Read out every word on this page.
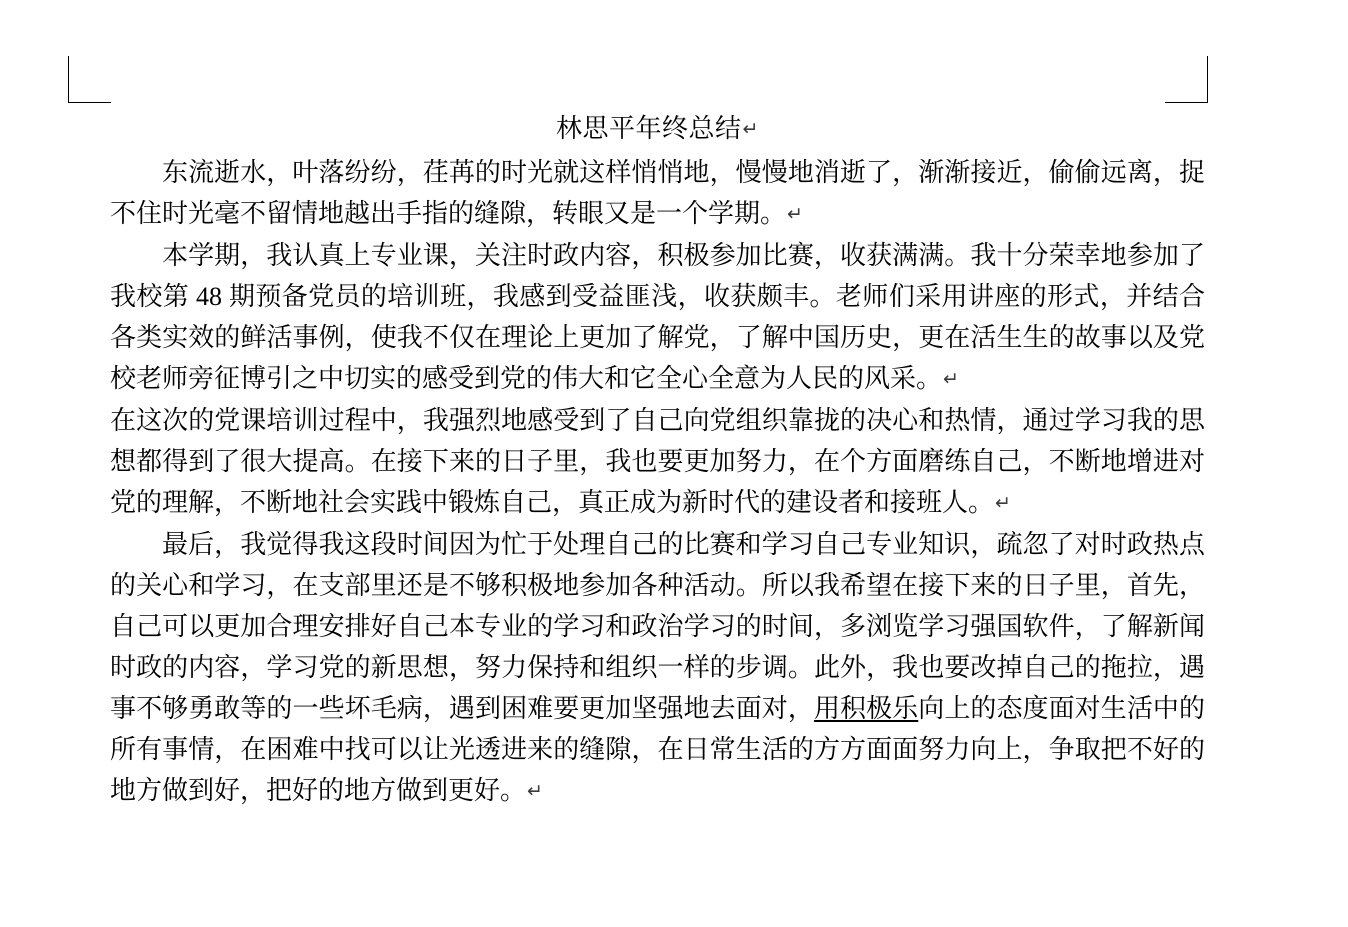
林思平年终总结↵

东流逝水，叶落纷纷，荏苒的时光就这样悄悄地，慢慢地消逝了，渐渐接近，偷偷远离，捉不住时光毫不留情地越出手指的缝隙，转眼又是一个学期。↵

本学期，我认真上专业课，关注时政内容，积极参加比赛，收获满满。我十分荣幸地参加了我校第 48 期预备党员的培训班，我感到受益匪浅，收获颇丰。老师们采用讲座的形式，并结合各类实效的鲜活事例，使我不仅在理论上更加了解党，了解中国历史，更在活生生的故事以及党校老师旁征博引之中切实的感受到党的伟大和它全心全意为人民的风采。↵

在这次的党课培训过程中，我强烈地感受到了自己向党组织靠拢的决心和热情，通过学习我的思想都得到了很大提高。在接下来的日子里，我也要更加努力，在个方面磨练自己，不断地增进对党的理解，不断地社会实践中锻炼自己，真正成为新时代的建设者和接班人。↵

最后，我觉得我这段时间因为忙于处理自己的比赛和学习自己专业知识，疏忽了对时政热点的关心和学习，在支部里还是不够积极地参加各种活动。所以我希望在接下来的日子里，首先，自己可以更加合理安排好自己本专业的学习和政治学习的时间，多浏览学习强国软件，了解新闻时政的内容，学习党的新思想，努力保持和组织一样的步调。此外，我也要改掉自己的拖拉，遇事不够勇敢等的一些坏毛病，遇到困难要更加坚强地去面对，用积极乐向上的态度面对生活中的所有事情，在困难中找可以让光透进来的缝隙，在日常生活的方方面面努力向上，争取把不好的地方做到好，把好的地方做到更好。↵
